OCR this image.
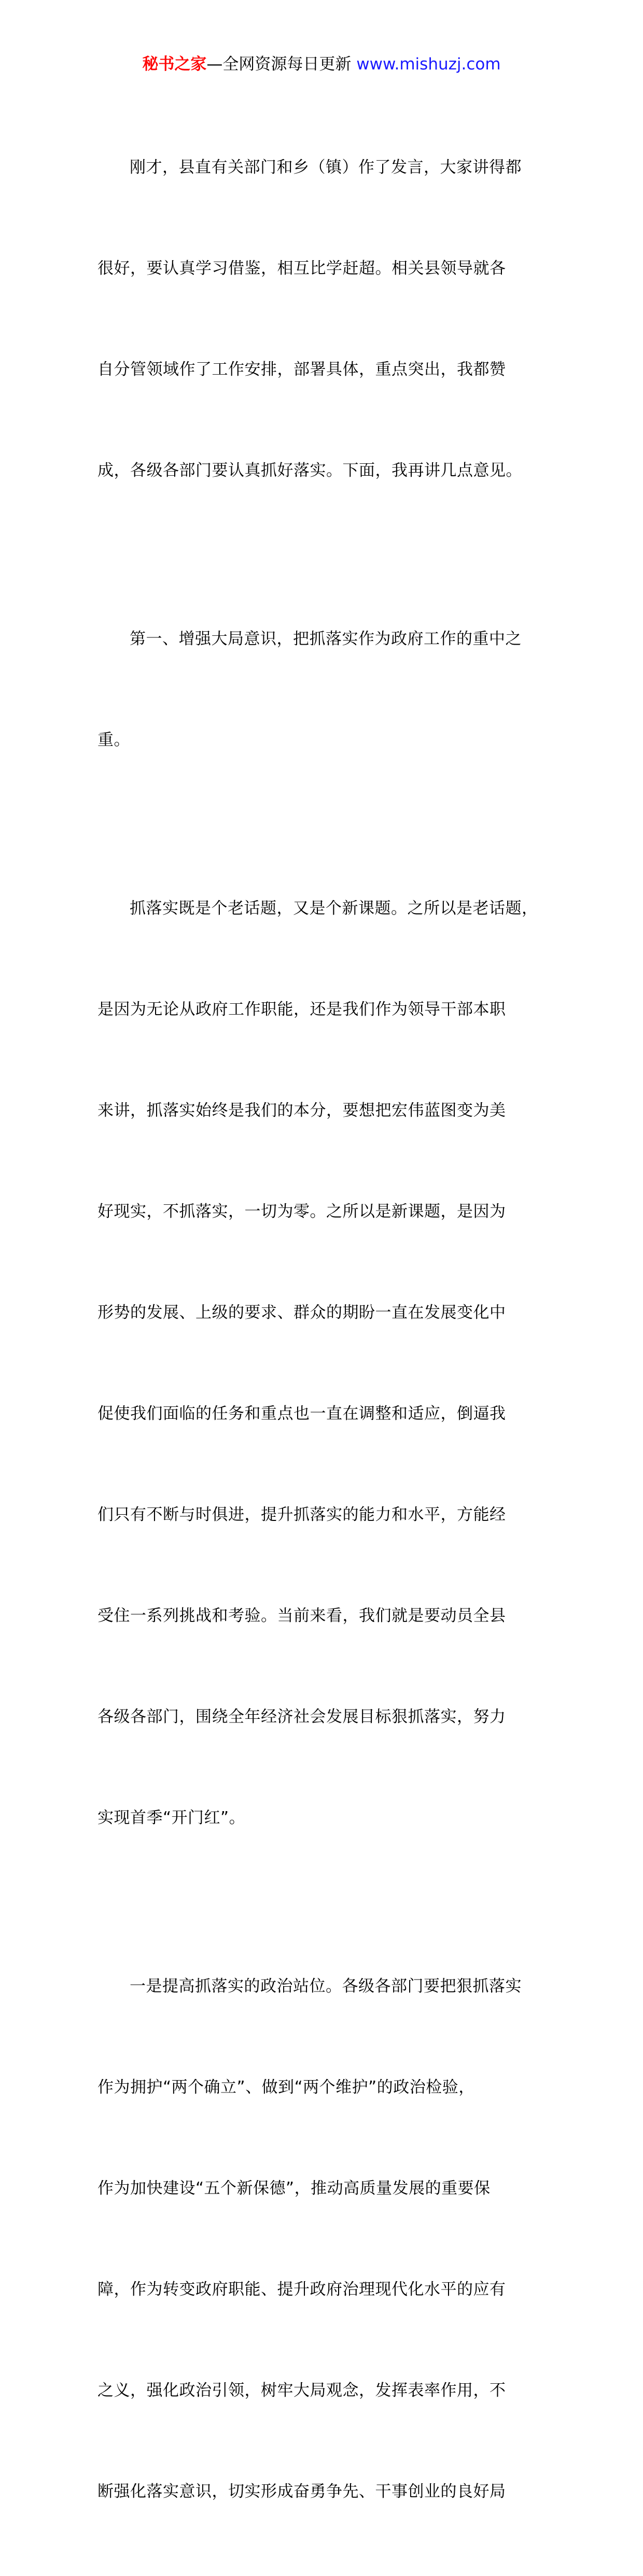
秘书之家—全网资源每日更新 www.mishuzj.com

刚才，县直有关部门和乡（镇）作了发言，大家讲得都

很好，要认真学习借鉴，相互比学赶超。相关县领导就各

自分管领域作了工作安排，部署具体，重点突出，我都赞

成，各级各部门要认真抓好落实。下面，我再讲几点意见。

第一、增强大局意识，把抓落实作为政府工作的重中之

重。

抓落实既是个老话题，又是个新课题。之所以是老话题，

是因为无论从政府工作职能，还是我们作为领导干部本职

来讲，抓落实始终是我们的本分，要想把宏伟蓝图变为美

好现实，不抓落实，一切为零。之所以是新课题，是因为

形势的发展、上级的要求、群众的期盼一直在发展变化中

促使我们面临的任务和重点也一直在调整和适应，倒逼我

们只有不断与时俱进，提升抓落实的能力和水平，方能经

受住一系列挑战和考验。当前来看，我们就是要动员全县

各级各部门，围绕全年经济社会发展目标狠抓落实，努力

实现首季“开门红”。

一是提高抓落实的政治站位。各级各部门要把狠抓落实

作为拥护“两个确立”、做到“两个维护”的政治检验，

作为加快建设“五个新保德”，推动高质量发展的重要保

障，作为转变政府职能、提升政府治理现代化水平的应有

之义，强化政治引领，树牢大局观念，发挥表率作用，不

断强化落实意识，切实形成奋勇争先、干事创业的良好局
